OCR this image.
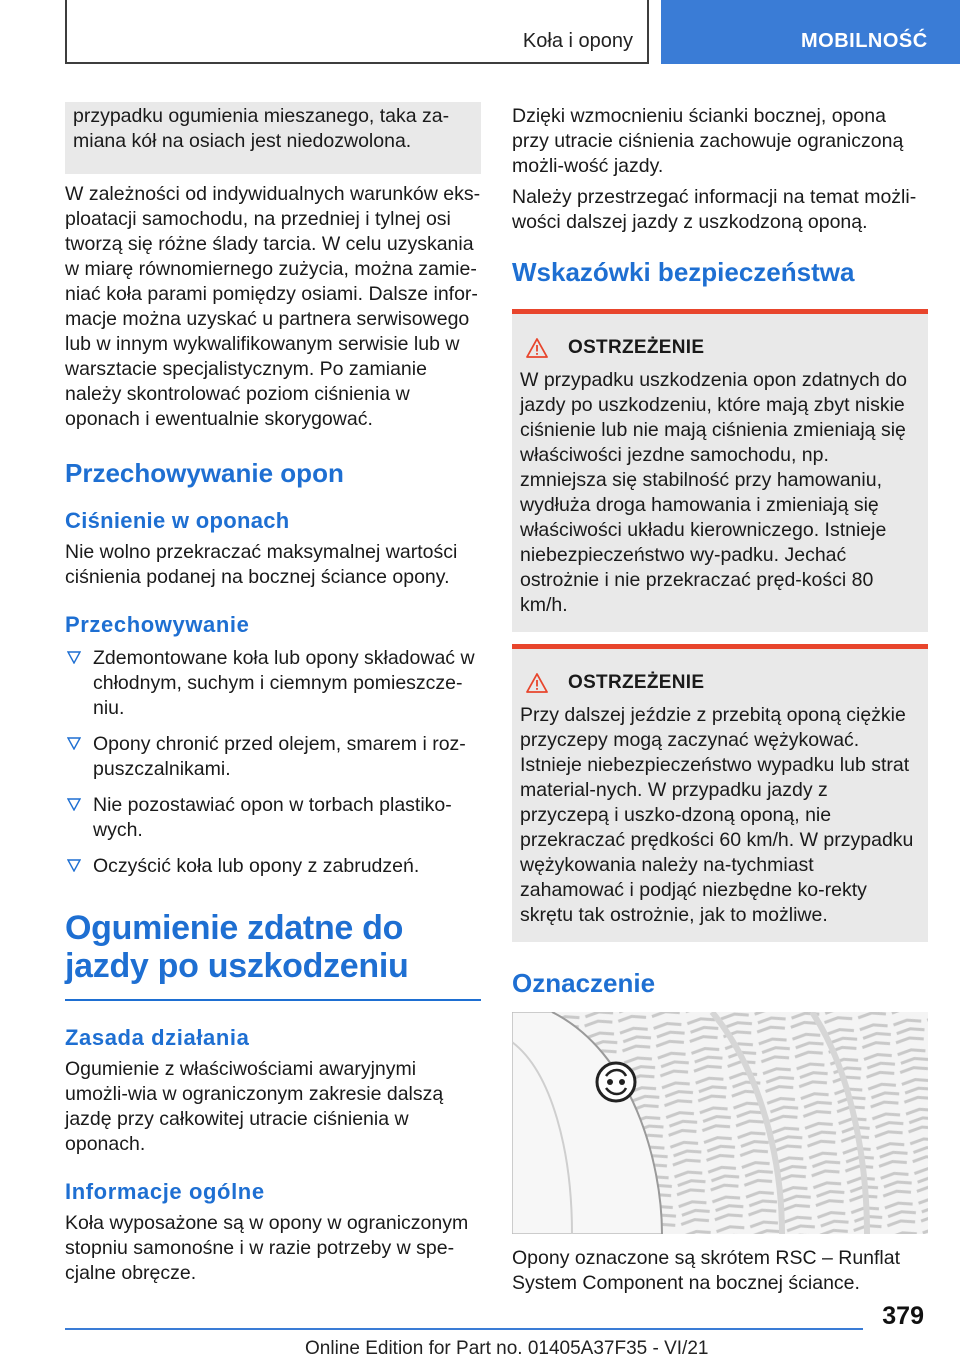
Koła i opony	MOBILNOŚĆ

przypadku ogumienia mieszanego, taka za-miana kół na osiach jest niedozwolona.

W zależności od indywidualnych warunków eks-ploatacji samochodu, na przedniej i tylnej osi tworzą się różne ślady tarcia. W celu uzyskania w miarę równomiernego zużycia, można zamie-niać koła parami pomiędzy osiami. Dalsze infor-macje można uzyskać u partnera serwisowego lub w innym wykwalifikowanym serwisie lub w warsztacie specjalistycznym. Po zamianie należy skontrolować poziom ciśnienia w oponach i ewentualnie skorygować.

Przechowywanie opon
Ciśnienie w oponach

Nie wolno przekraczać maksymalnej wartości ciśnienia podanej na bocznej ściance opony.

Przechowywanie
Zdemontowane koła lub opony składować w chłodnym, suchym i ciemnym pomieszcze-niu.
Opony chronić przed olejem, smarem i roz-puszczalnikami.
Nie pozostawiać opon w torbach plastiko-wych.
Oczyścić koła lub opony z zabrudzeń.
Ogumienie zdatne do jazdy po uszkodzeniu
Zasada działania

Ogumienie z właściwościami awaryjnymi umożli-wia w ograniczonym zakresie dalszą jazdę przy całkowitej utracie ciśnienia w oponach.

Informacje ogólne

Koła wyposażone są w opony w ograniczonym stopniu samonośne i w razie potrzeby w spe-cjalne obręcze.

Dzięki wzmocnieniu ścianki bocznej, opona przy utracie ciśnienia zachowuje ograniczoną możli-wość jazdy.

Należy przestrzegać informacji na temat możli-wości dalszej jazdy z uszkodzoną oponą.

Wskazówki bezpieczeństwa
OSTRZEŻENIE

W przypadku uszkodzenia opon zdatnych do jazdy po uszkodzeniu, które mają zbyt niskie ciśnienie lub nie mają ciśnienia zmieniają się właściwości jezdne samochodu, np. zmniejsza się stabilność przy hamowaniu, wydłuża droga hamowania i zmieniają się właściwości układu kierowniczego. Istnieje niebezpieczeństwo wy-padku. Jechać ostrożnie i nie przekraczać pręd-kości 80 km/h.

OSTRZEŻENIE

Przy dalszej jeździe z przebitą oponą ciężkie przyczepy mogą zaczynać wężykować. Istnieje niebezpieczeństwo wypadku lub strat material-nych. W przypadku jazdy z przyczepą i uszko-dzoną oponą, nie przekraczać prędkości 60 km/h. W przypadku wężykowania należy na-tychmiast zahamować i podjąć niezbędne ko-rekty skrętu tak ostrożnie, jak to możliwe.

Oznaczenie

Opony oznaczone są skrótem RSC – Runflat System Component na bocznej ściance.

379
Online Edition for Part no. 01405A37F35 - VI/21
